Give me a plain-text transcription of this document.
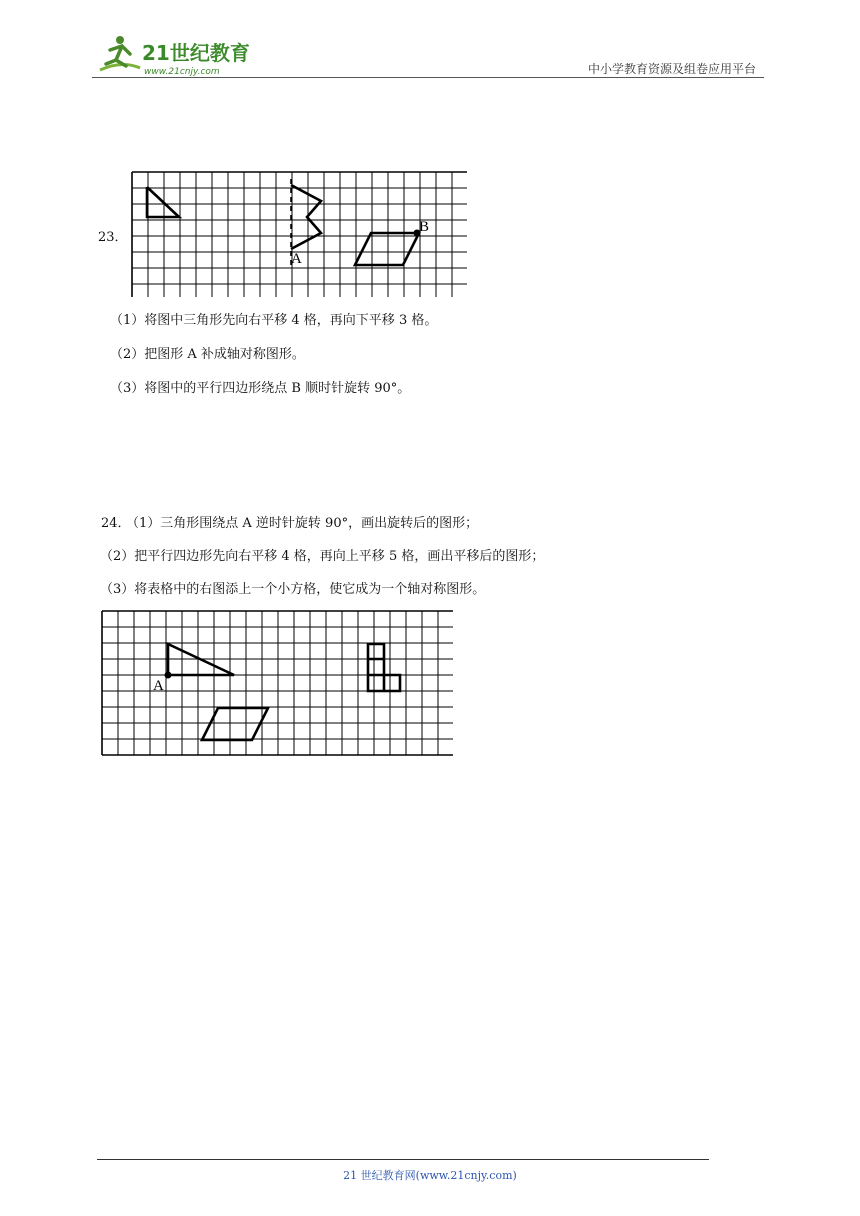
21世纪教育
www.21cnjy.com	中小学教育资源及组卷应用平台
23．
A
B
（1）将图中三角形先向右平移 4 格，再向下平移 3 格。
（2）把图形 A 补成轴对称图形。
（3）将图中的平行四边形绕点 B 顺时针旋转 90°。
24．
（1）三角形围绕点 A 逆时针旋转 90°，画出旋转后的图形；
（2）把平行四边形先向右平移 4 格，再向上平移 5 格，画出平移后的图形；
（3）将表格中的右图添上一个小方格，使它成为一个轴对称图形。
A
21 世纪教育网(www.21cnjy.com)
